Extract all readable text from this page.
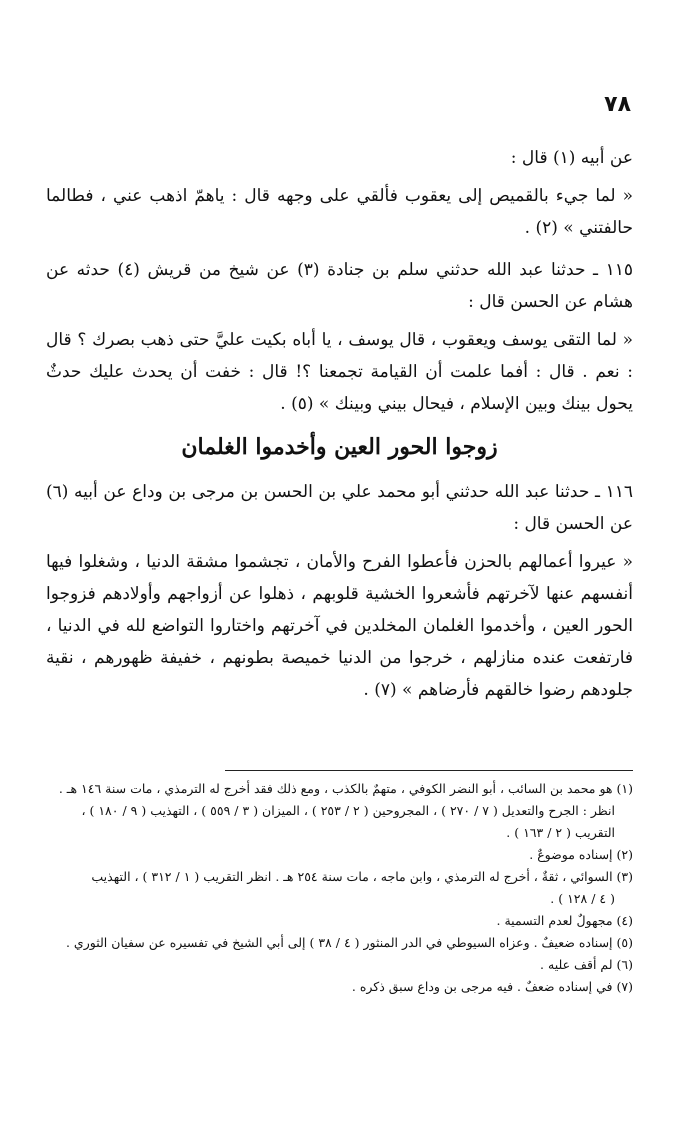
٧٨

عن أبيه (١) قال :

« لما جيء بالقميص إلى يعقوب فألقي على وجهه قال : ياهمّ اذهب عني ، فطالما حالفتني » (٢) .

١١٥ ـ حدثنا عبد الله حدثني سلم بن جنادة (٣) عن شيخ من قريش (٤) حدثه عن هشام عن الحسن قال :

« لما التقى يوسف ويعقوب ، قال يوسف ، يا أباه بكيت عليَّ حتى ذهب بصرك ؟ قال : نعم . قال : أفما علمت أن القيامة تجمعنا ؟! قال : خفت أن يحدث عليك حدثٌ يحول بينك وبين الإسلام ، فيحال بيني وبينك » (٥) .

زوجوا الحور العين وأخدموا الغلمان

١١٦ ـ حدثنا عبد الله حدثني أبو محمد علي بن الحسن بن مرجى بن وداع عن أبيه (٦) عن الحسن قال :

« عيروا أعمالهم بالحزن فأعطوا الفرح والأمان ، تجشموا مشقة الدنيا ، وشغلوا فيها أنفسهم عنها لآخرتهم فأشعروا الخشية قلوبهم ، ذهلوا عن أزواجهم وأولادهم فزوجوا الحور العين ، وأخدموا الغلمان المخلدين في آخرتهم واختاروا التواضع لله في الدنيا ، فارتفعت عنده منازلهم ، خرجوا من الدنيا خميصة بطونهم ، خفيفة ظهورهم ، نقية جلودهم رضوا خالقهم فأرضاهم » (٧) .

(١) هو محمد بن السائب ، أبو النضر الكوفي ، متهمٌ بالكذب ، ومع ذلك فقد أخرج له الترمذي ، مات سنة ١٤٦ هـ .

انظر : الجرح والتعديل ( ٧ / ٢٧٠ ) ، المجروحين ( ٢ / ٢٥٣ ) ، الميزان ( ٣ / ٥٥٩ ) ، التهذيب ( ٩ / ١٨٠ ) ،

التقريب ( ٢ / ١٦٣ ) .

(٢) إسناده موضوعٌ .

(٣) السوائي ، ثقةٌ ، أخرج له الترمذي ، وابن ماجه ، مات سنة ٢٥٤ هـ . انظر التقريب ( ١ / ٣١٢ ) ، التهذيب

( ٤ / ١٢٨ ) .

(٤) مجهولٌ لعدم التسمية .

(٥) إسناده ضعيفٌ . وعزاه السيوطي في الدر المنثور ( ٤ / ٣٨ ) إلى أبي الشيخ في تفسيره عن سفيان الثوري .

(٦) لم أقف عليه .

(٧) في إسناده ضعفٌ . فيه مرجى بن وداع سبق ذكره .
